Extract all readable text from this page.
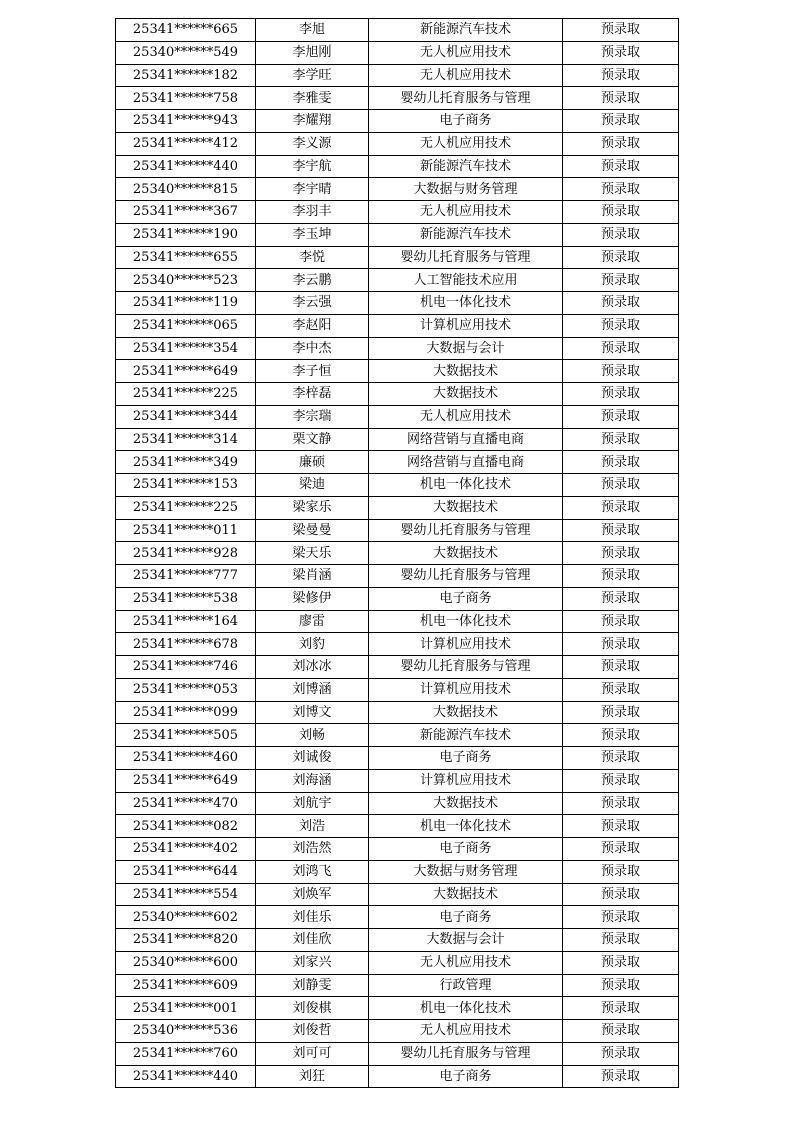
25341******665	李旭	新能源汽车技术	预录取
25340******549	李旭刚	无人机应用技术	预录取
25341******182	李学旺	无人机应用技术	预录取
25341******758	李雅雯	婴幼儿托育服务与管理	预录取
25341******943	李耀翔	电子商务	预录取
25341******412	李义源	无人机应用技术	预录取
25341******440	李宇航	新能源汽车技术	预录取
25340******815	李宇晴	大数据与财务管理	预录取
25341******367	李羽丰	无人机应用技术	预录取
25341******190	李玉坤	新能源汽车技术	预录取
25341******655	李悦	婴幼儿托育服务与管理	预录取
25340******523	李云鹏	人工智能技术应用	预录取
25341******119	李云强	机电一体化技术	预录取
25341******065	李赵阳	计算机应用技术	预录取
25341******354	李中杰	大数据与会计	预录取
25341******649	李子恒	大数据技术	预录取
25341******225	李梓磊	大数据技术	预录取
25341******344	李宗瑞	无人机应用技术	预录取
25341******314	栗文静	网络营销与直播电商	预录取
25341******349	廉硕	网络营销与直播电商	预录取
25341******153	梁迪	机电一体化技术	预录取
25341******225	梁家乐	大数据技术	预录取
25341******011	梁曼曼	婴幼儿托育服务与管理	预录取
25341******928	梁天乐	大数据技术	预录取
25341******777	梁肖涵	婴幼儿托育服务与管理	预录取
25341******538	梁修伊	电子商务	预录取
25341******164	廖雷	机电一体化技术	预录取
25341******678	刘豹	计算机应用技术	预录取
25341******746	刘冰冰	婴幼儿托育服务与管理	预录取
25341******053	刘博涵	计算机应用技术	预录取
25341******099	刘博文	大数据技术	预录取
25341******505	刘畅	新能源汽车技术	预录取
25341******460	刘诚俊	电子商务	预录取
25341******649	刘海涵	计算机应用技术	预录取
25341******470	刘航宇	大数据技术	预录取
25341******082	刘浩	机电一体化技术	预录取
25341******402	刘浩然	电子商务	预录取
25341******644	刘鸿飞	大数据与财务管理	预录取
25341******554	刘焕军	大数据技术	预录取
25340******602	刘佳乐	电子商务	预录取
25341******820	刘佳欣	大数据与会计	预录取
25340******600	刘家兴	无人机应用技术	预录取
25341******609	刘静雯	行政管理	预录取
25341******001	刘俊棋	机电一体化技术	预录取
25340******536	刘俊哲	无人机应用技术	预录取
25341******760	刘可可	婴幼儿托育服务与管理	预录取
25341******440	刘狂	电子商务	预录取
